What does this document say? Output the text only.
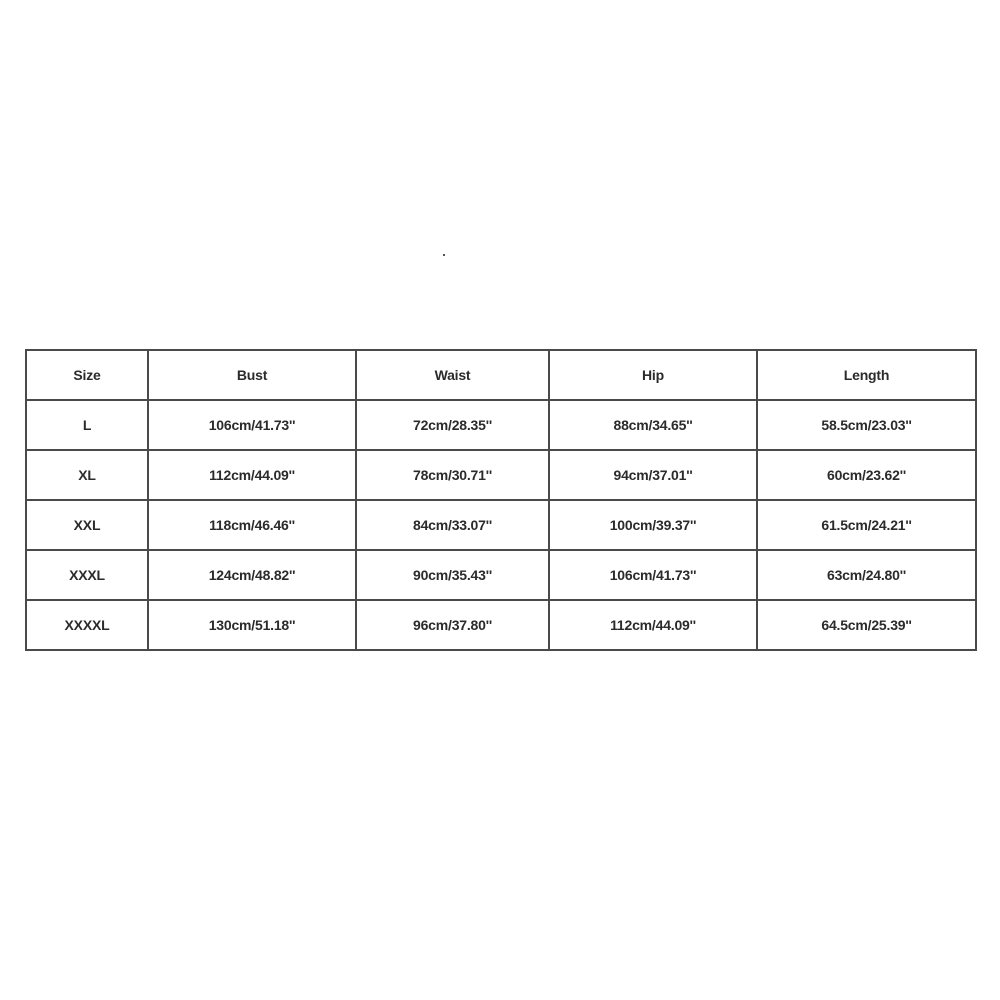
Size	Bust	Waist	Hip	Length
L	106cm/41.73''	72cm/28.35''	88cm/34.65''	58.5cm/23.03''
XL	112cm/44.09''	78cm/30.71''	94cm/37.01''	60cm/23.62''
XXL	118cm/46.46''	84cm/33.07''	100cm/39.37''	61.5cm/24.21''
XXXL	124cm/48.82''	90cm/35.43''	106cm/41.73''	63cm/24.80''
XXXXL	130cm/51.18''	96cm/37.80''	112cm/44.09''	64.5cm/25.39''
